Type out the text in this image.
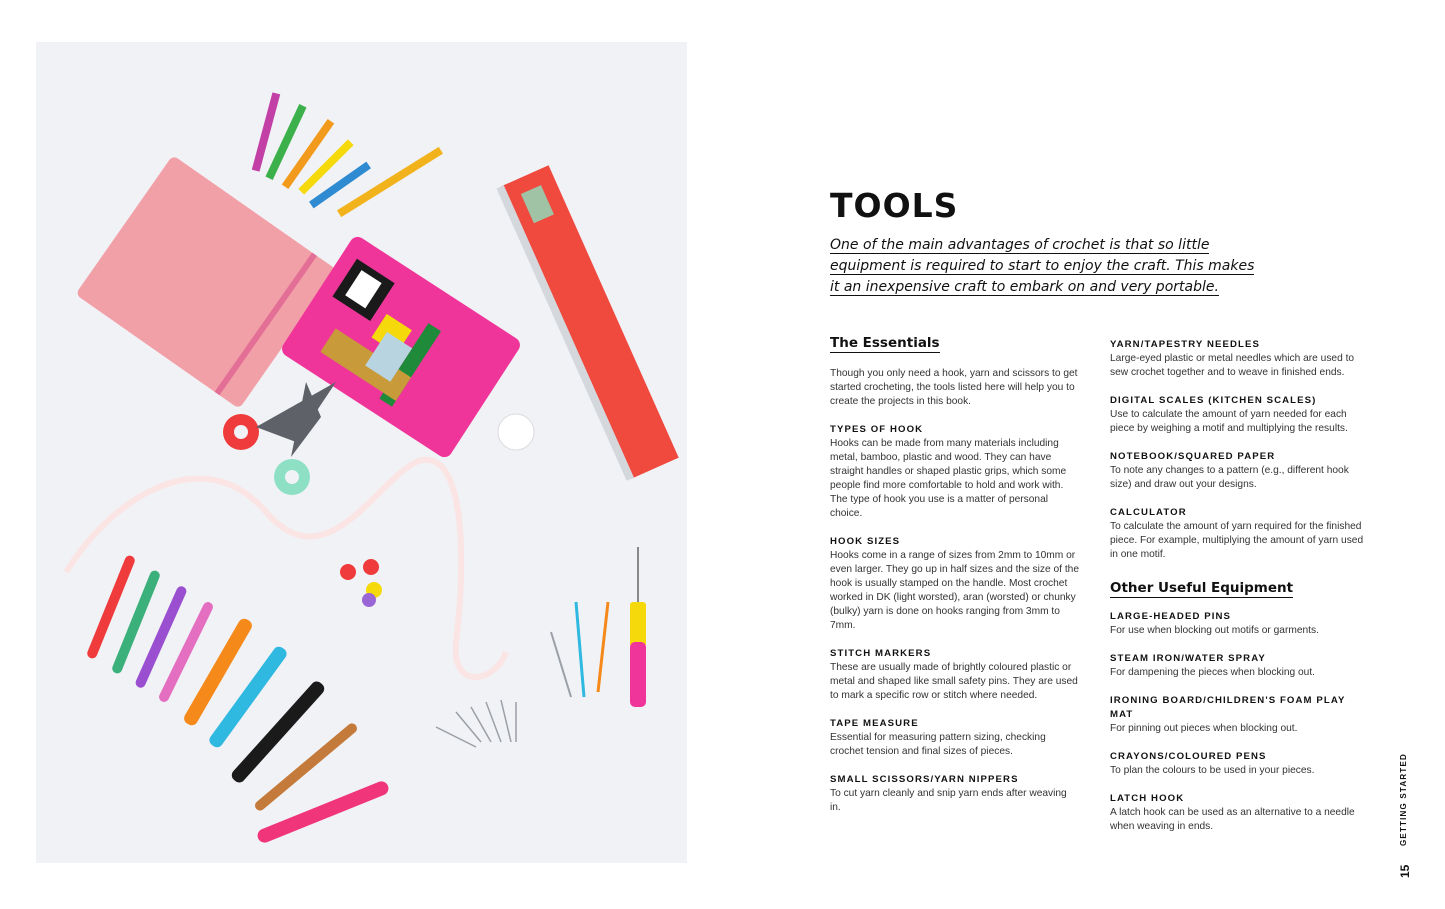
TOOLS

One of the main advantages of crochet is that so little
equipment is required to start to enjoy the craft. This makes
it an inexpensive craft to embark on and very portable.

The Essentials

Though you only need a hook, yarn and scissors to get started crocheting, the tools listed here will help you to create the projects in this book.

TYPES OF HOOK

Hooks can be made from many materials including metal, bamboo, plastic and wood. They can have straight handles or shaped plastic grips, which some people find more comfortable to hold and work with. The type of hook you use is a matter of personal choice.

HOOK SIZES

Hooks come in a range of sizes from 2mm to 10mm or even larger. They go up in half sizes and the size of the hook is usually stamped on the handle. Most crochet worked in DK (light worsted), aran (worsted) or chunky (bulky) yarn is done on hooks ranging from 3mm to 7mm.

STITCH MARKERS

These are usually made of brightly coloured plastic or metal and shaped like small safety pins. They are used to mark a specific row or stitch where needed.

TAPE MEASURE

Essential for measuring pattern sizing, checking crochet tension and final sizes of pieces.

SMALL SCISSORS/YARN NIPPERS

To cut yarn cleanly and snip yarn ends after weaving in.

YARN/TAPESTRY NEEDLES

Large-eyed plastic or metal needles which are used to sew crochet together and to weave in finished ends.

DIGITAL SCALES (KITCHEN SCALES)

Use to calculate the amount of yarn needed for each piece by weighing a motif and multiplying the results.

NOTEBOOK/SQUARED PAPER

To note any changes to a pattern (e.g., different hook size) and draw out your designs.

CALCULATOR

To calculate the amount of yarn required for the finished piece. For example, multiplying the amount of yarn used in one motif.

Other Useful Equipment

LARGE-HEADED PINS

For use when blocking out motifs or garments.

STEAM IRON/WATER SPRAY

For dampening the pieces when blocking out.

IRONING BOARD/CHILDREN'S FOAM PLAY MAT

For pinning out pieces when blocking out.

CRAYONS/COLOURED PENS

To plan the colours to be used in your pieces.

LATCH HOOK

A latch hook can be used as an alternative to a needle when weaving in ends.	GETTING STARTED
15
